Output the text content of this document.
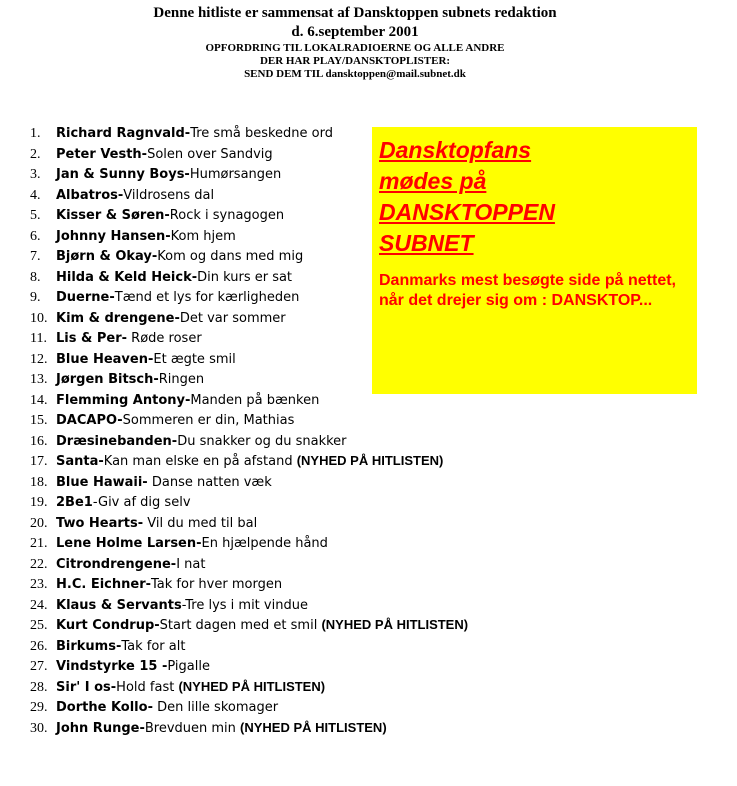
Denne hitliste er sammensat af Dansktoppen subnets redaktion
d. 6.september 2001
OPFORDRING TIL LOKALRADIOERNE OG ALLE ANDRE
DER HAR PLAY/DANSKTOPLISTER:
SEND DEM TIL dansktoppen@mail.subnet.dk
1. Richard Ragnvald-Tre små beskedne ord
2. Peter Vesth-Solen over Sandvig
3. Jan & Sunny Boys-Humørsangen
4. Albatros-Vildrosens dal
5. Kisser & Søren-Rock i synagogen
6. Johnny Hansen-Kom hjem
7. Bjørn & Okay-Kom og dans med mig
8. Hilda & Keld Heick-Din kurs er sat
9. Duerne-Tænd et lys for kærligheden
10. Kim & drengene-Det var sommer
11. Lis & Per- Røde roser
12. Blue Heaven-Et ægte smil
13. Jørgen Bitsch-Ringen
14. Flemming Antony-Manden på bænken
15. DACAPO-Sommeren er din, Mathias
16. Dræsinebanden-Du snakker og du snakker
17. Santa-Kan man elske en på afstand (NYHED PÅ HITLISTEN)
18. Blue Hawaii- Danse natten væk
19. 2Be1-Giv af dig selv
20. Two Hearts- Vil du med til bal
21. Lene Holme Larsen-En hjælpende hånd
22. Citrondrengene-I nat
23. H.C. Eichner-Tak for hver morgen
24. Klaus & Servants-Tre lys i mit vindue
25. Kurt Condrup-Start dagen med et smil (NYHED PÅ HITLISTEN)
26. Birkums-Tak for alt
27. Vindstyrke 15 -Pigalle
28. Sir' I os-Hold fast (NYHED PÅ HITLISTEN)
29. Dorthe Kollo- Den lille skomager
30. John Runge-Brevduen min (NYHED PÅ HITLISTEN)
Dansktopfans
mødes på
DANSKTOPPEN
SUBNET
Danmarks mest besøgte side på nettet, når det drejer sig om : DANSKTOP...
